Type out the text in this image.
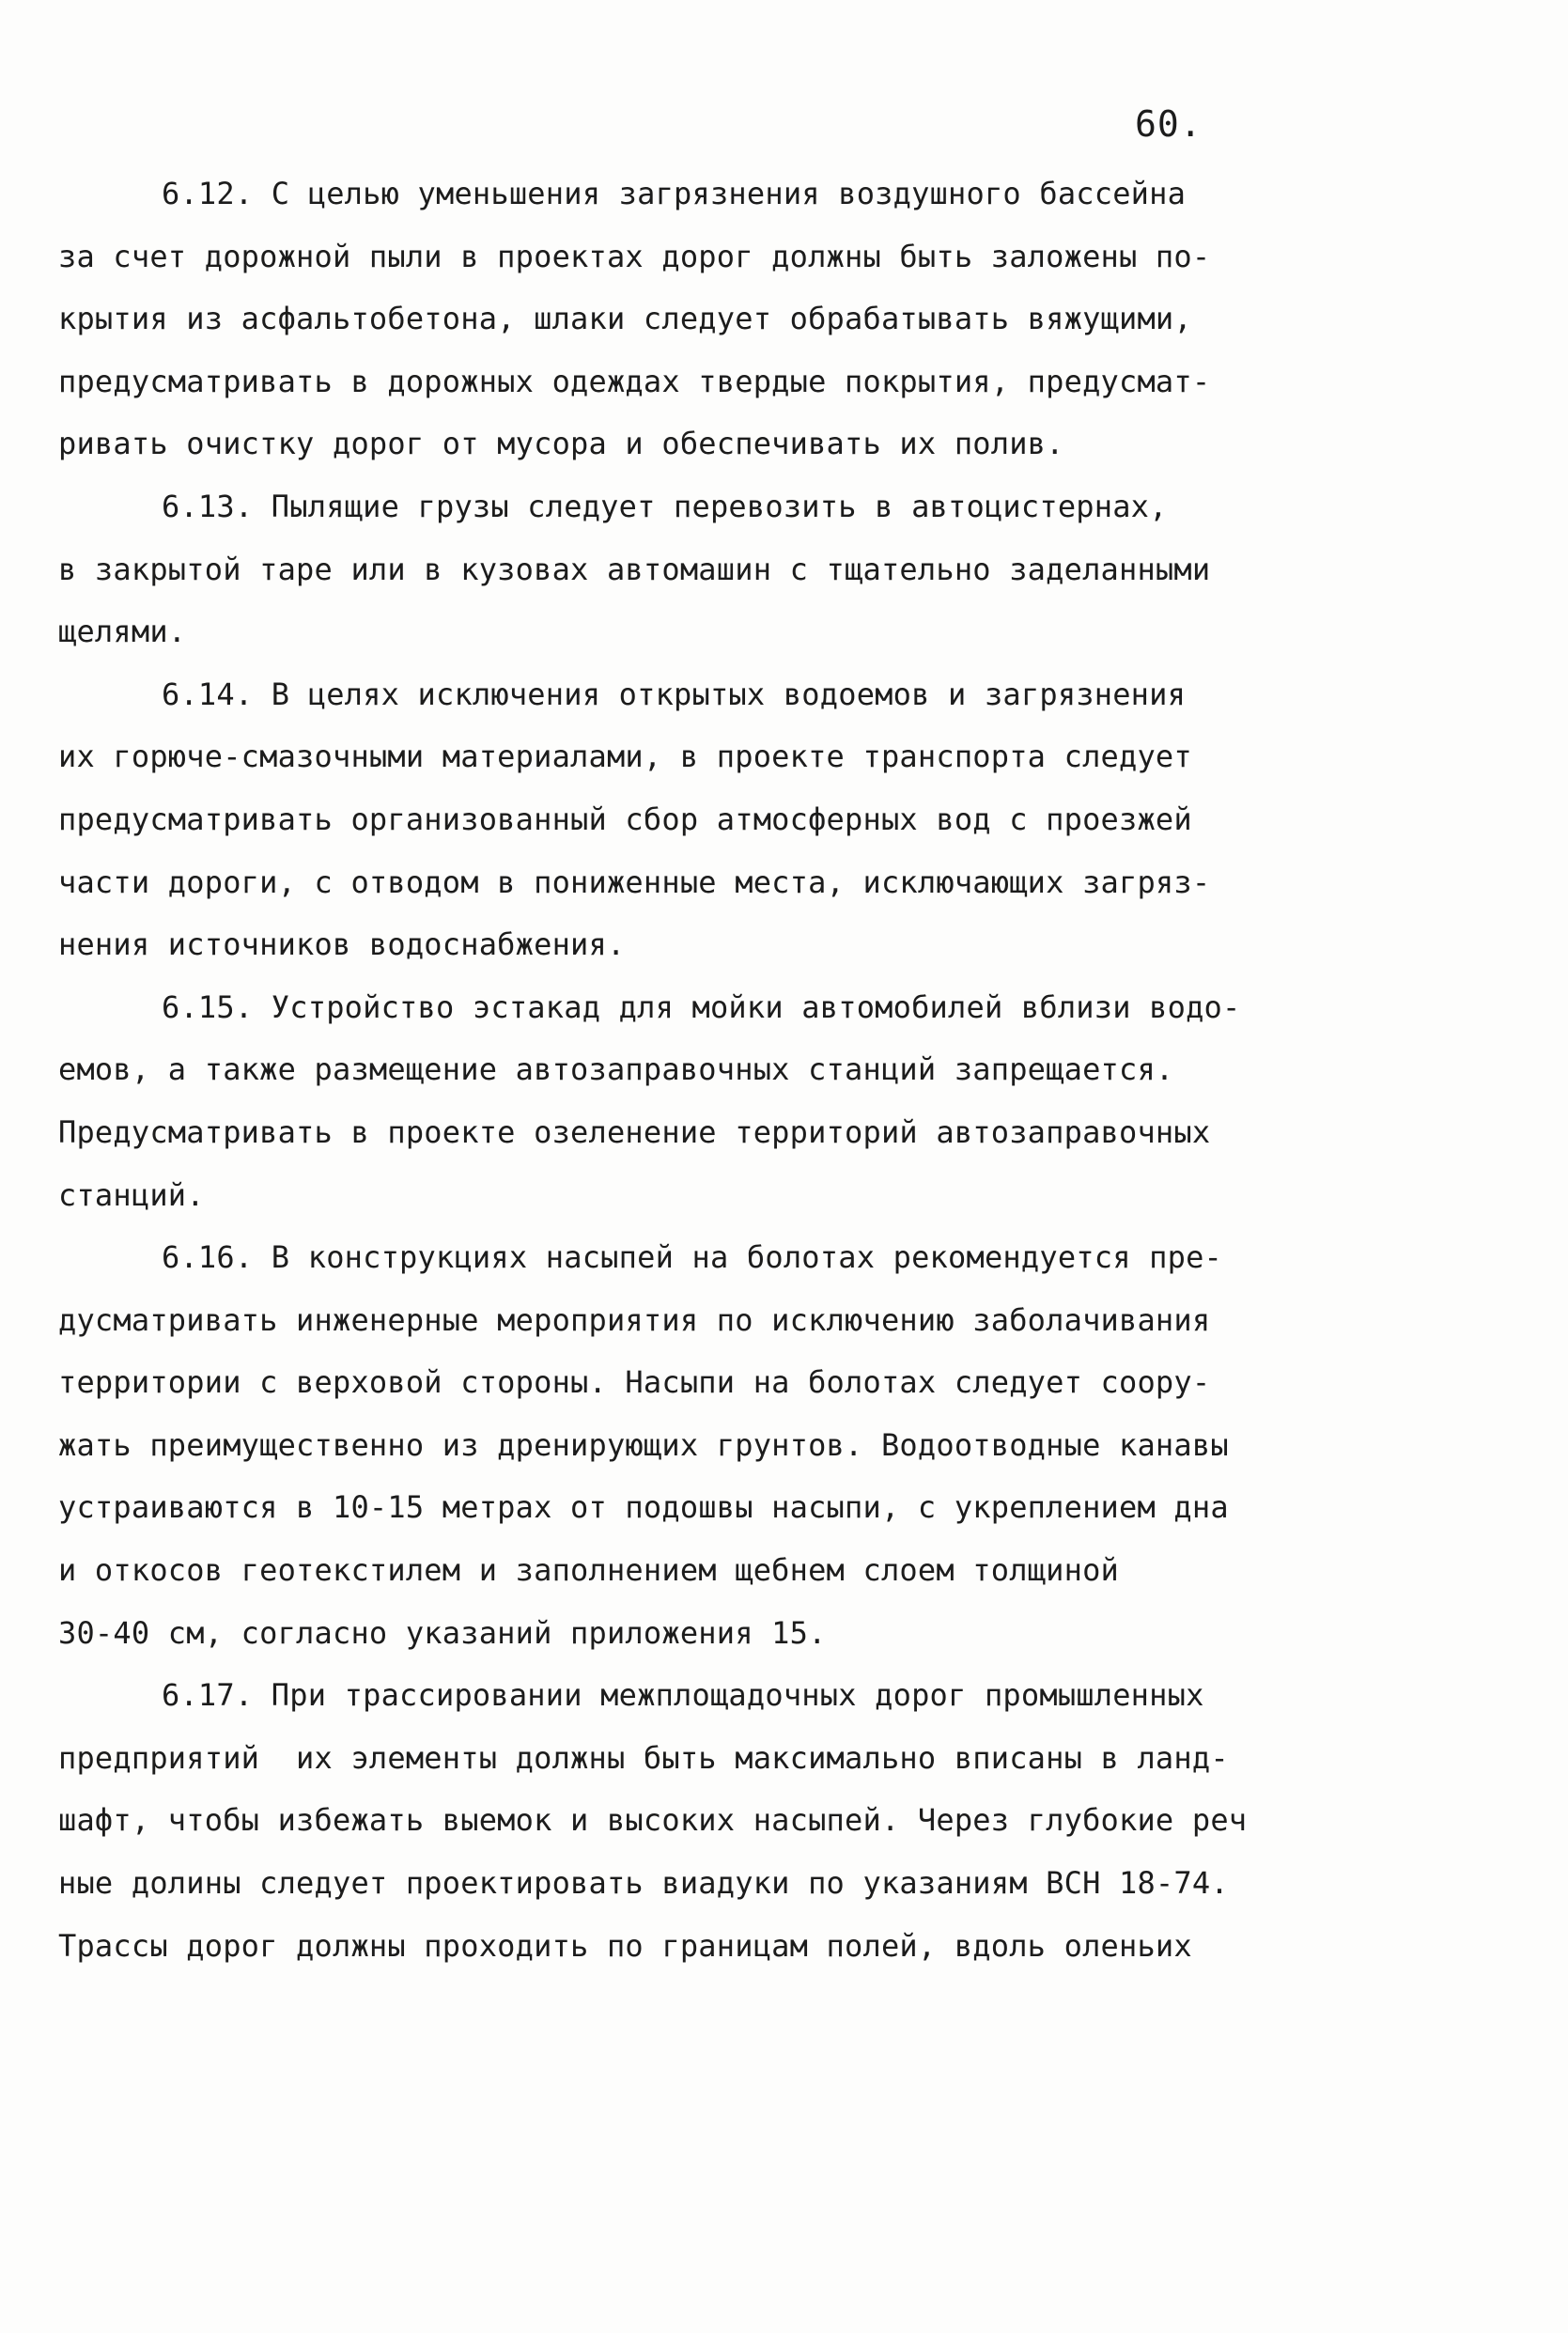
60.
6.12. С целью уменьшения загрязнения воздушного бассейна
за счет дорожной пыли в проектах дорог должны быть заложены по-
крытия из асфальтобетона, шлаки следует обрабатывать вяжущими,
предусматривать в дорожных одеждах твердые покрытия, предусмат-
ривать очистку дорог от мусора и обеспечивать их полив.
6.13. Пылящие грузы следует перевозить в автоцистернах,
в закрытой таре или в кузовах автомашин с тщательно заделанными
щелями.
6.14. В целях исключения открытых водоемов и загрязнения
их горюче-смазочными материалами, в проекте транспорта следует
предусматривать организованный сбор атмосферных вод с проезжей
части дороги, с отводом в пониженные места, исключающих загряз-
нения источников водоснабжения.
6.15. Устройство эстакад для мойки автомобилей вблизи водо-
емов, а также размещение автозаправочных станций запрещается.
Предусматривать в проекте озеленение территорий автозаправочных
станций.
6.16. В конструкциях насыпей на болотах рекомендуется пре-
дусматривать инженерные мероприятия по исключению заболачивания
территории с верховой стороны. Насыпи на болотах следует соору-
жать преимущественно из дренирующих грунтов. Водоотводные канавы
устраиваются в 10-15 метрах от подошвы насыпи, с укреплением дна
и откосов геотекстилем и заполнением щебнем слоем толщиной
30-40 см, согласно указаний приложения 15.
6.17. При трассировании межплощадочных дорог промышленных
предприятий  их элементы должны быть максимально вписаны в ланд-
шафт, чтобы избежать выемок и высоких насыпей. Через глубокие реч
ные долины следует проектировать виадуки по указаниям ВСН 18-74.
Трассы дорог должны проходить по границам полей, вдоль оленьих
